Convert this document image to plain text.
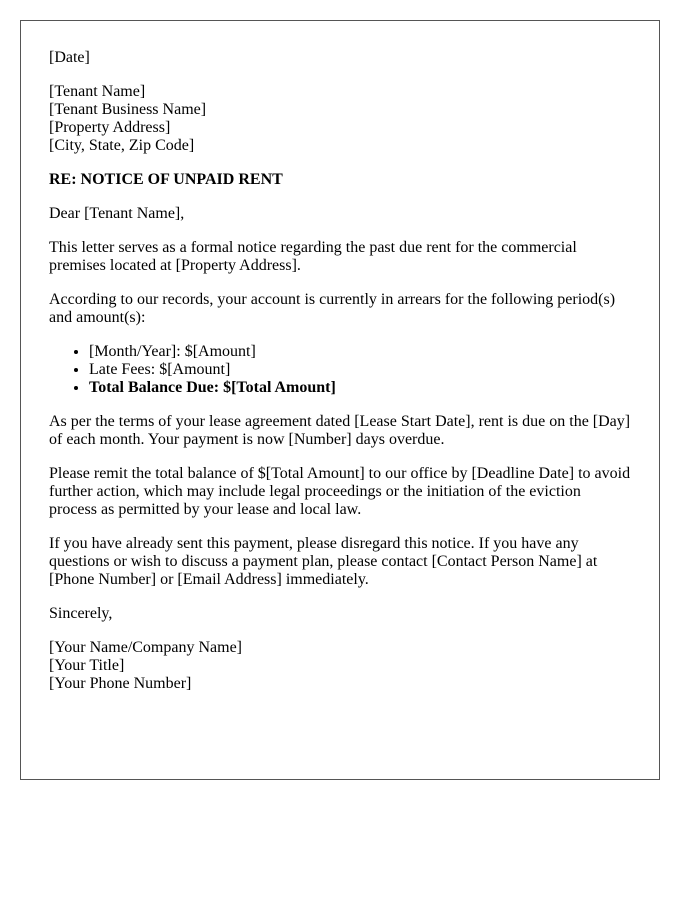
[Date]
[Tenant Name]
[Tenant Business Name]
[Property Address]
[City, State, Zip Code]
RE: NOTICE OF UNPAID RENT

Dear [Tenant Name],

This letter serves as a formal notice regarding the past due rent for the commercial premises located at [Property Address].

According to our records, your account is currently in arrears for the following period(s) and amount(s):

• [Month/Year]: $[Amount]
• Late Fees: $[Amount]
• Total Balance Due: $[Total Amount]

As per the terms of your lease agreement dated [Lease Start Date], rent is due on the [Day] of each month. Your payment is now [Number] days overdue.

Please remit the total balance of $[Total Amount] to our office by [Deadline Date] to avoid further action, which may include legal proceedings or the initiation of the eviction process as permitted by your lease and local law.

If you have already sent this payment, please disregard this notice. If you have any questions or wish to discuss a payment plan, please contact [Contact Person Name] at [Phone Number] or [Email Address] immediately.

Sincerely,

[Your Name/Company Name]
[Your Title]
[Your Phone Number]
